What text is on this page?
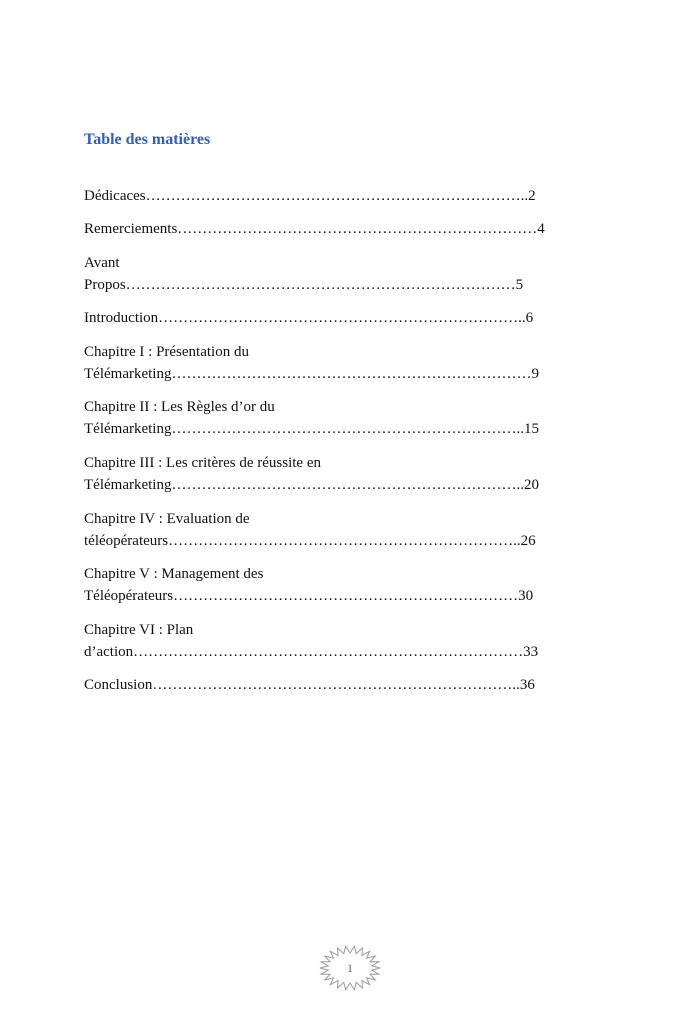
Table des matières
Dédicaces…………………………………………………………………..2
Remerciements………………………………………………………………4
Avant
Propos……………………………………………………………………5
Introduction………………………………………………………………..6
Chapitre I : Présentation du
Télémarketing………………………………………………………………9
Chapitre II : Les Règles d’or du
Télémarketing……………………………………………………………..15
Chapitre III : Les critères de réussite en
Télémarketing……………………………………………………………..20
Chapitre IV : Evaluation de
téléopérateurs……………………………………………………………..26
Chapitre V : Management des
Téléopérateurs……………………………………………………………30
Chapitre VI : Plan
d’action……………………………………………………………………33
Conclusion………………………………………………………………..36
1
